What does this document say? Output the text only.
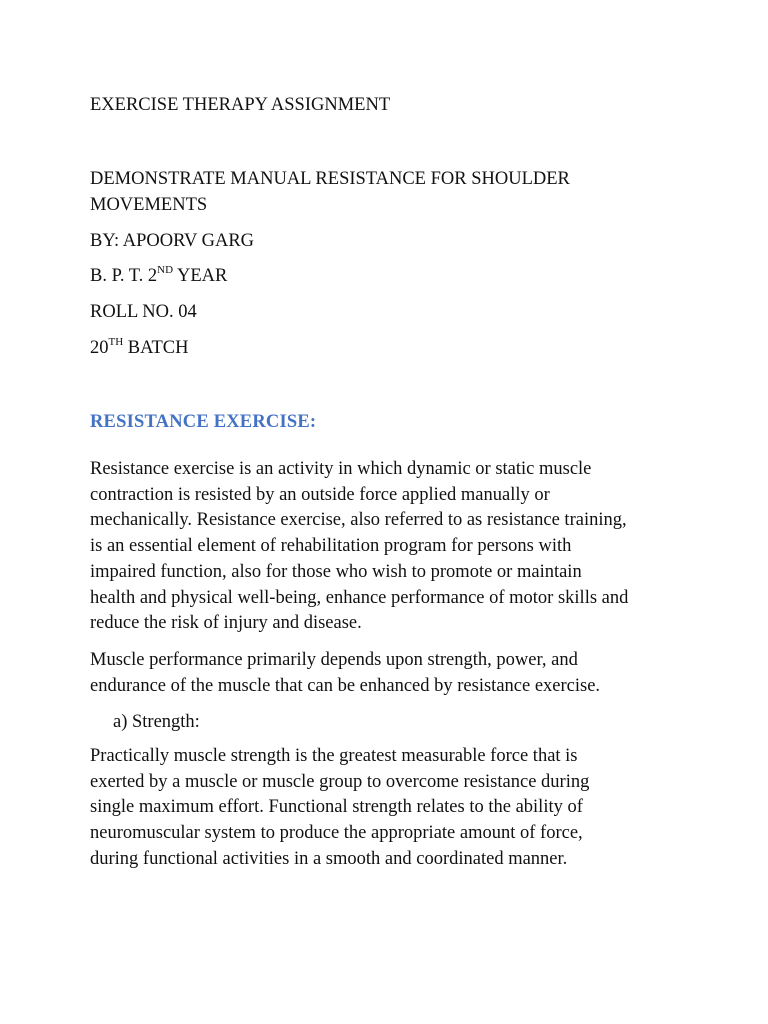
EXERCISE THERAPY ASSIGNMENT
DEMONSTRATE MANUAL RESISTANCE FOR SHOULDER
MOVEMENTS
BY: APOORV GARG
B. P. T. 2ND YEAR
ROLL NO. 04
20TH BATCH
RESISTANCE EXERCISE:
Resistance exercise is an activity in which dynamic or static muscle
contraction is resisted by an outside force applied manually or
mechanically. Resistance exercise, also referred to as resistance training,
is an essential element of rehabilitation program for persons with
impaired function, also for those who wish to promote or maintain
health and physical well-being, enhance performance of motor skills and
reduce the risk of injury and disease.
Muscle performance primarily depends upon strength, power, and
endurance of the muscle that can be enhanced by resistance exercise.
a) Strength:
Practically muscle strength is the greatest measurable force that is
exerted by a muscle or muscle group to overcome resistance during
single maximum effort. Functional strength relates to the ability of
neuromuscular system to produce the appropriate amount of force,
during functional activities in a smooth and coordinated manner.
